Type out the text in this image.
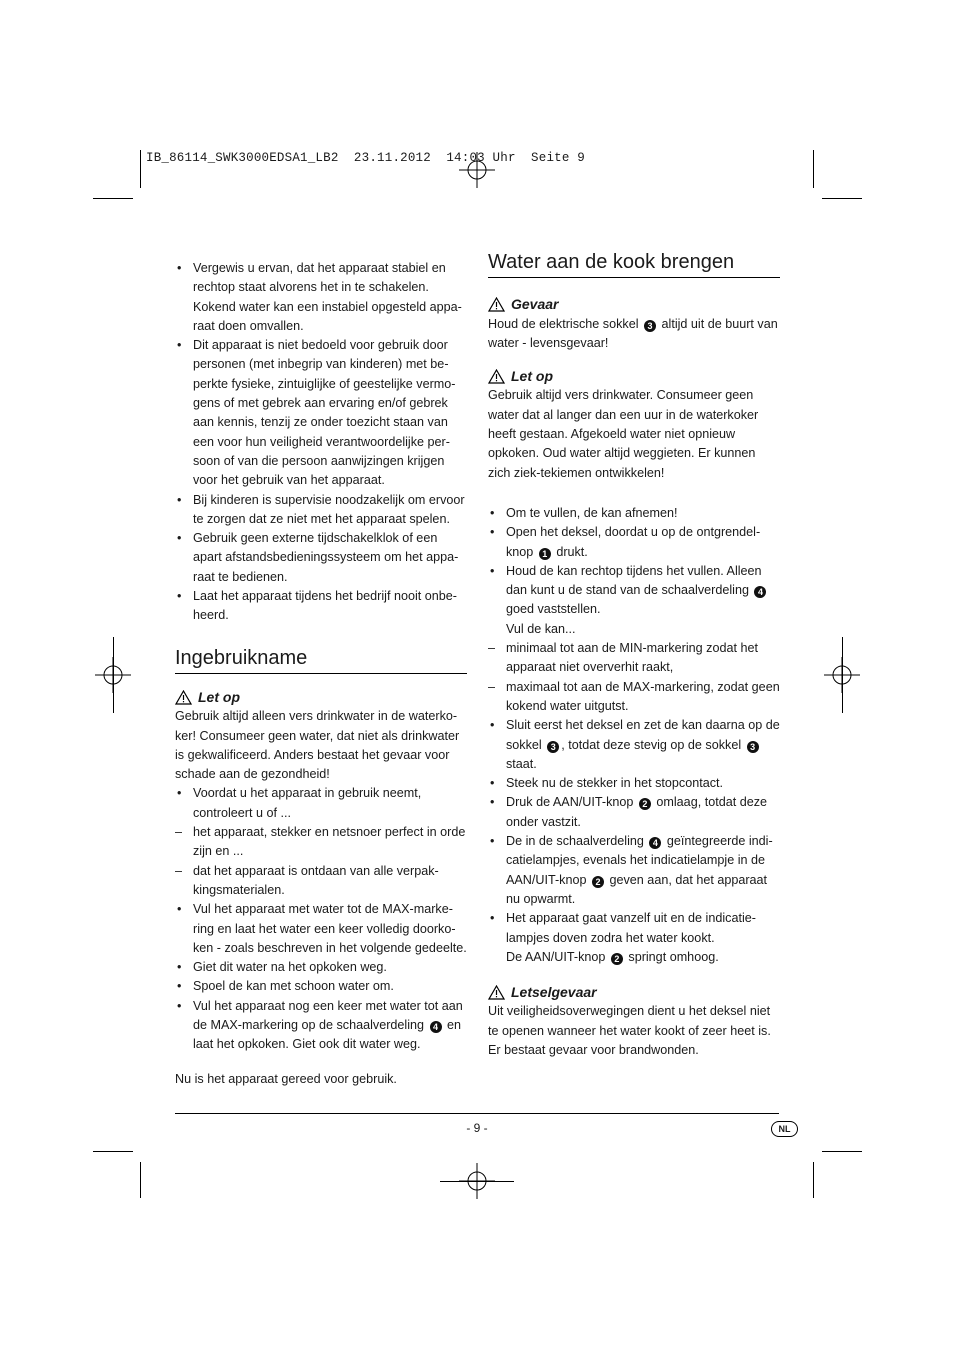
IB_86114_SWK3000EDSA1_LB2  23.11.2012  14:03 Uhr  Seite 9
• Vergewis u ervan, dat het apparaat stabiel en rechtop staat alvorens het in te schakelen. Kokend water kan een instabiel opgesteld appa-raat doen omvallen.
• Dit apparaat is niet bedoeld voor gebruik door personen (met inbegrip van kinderen) met be-perkte fysieke, zintuiglijke of geestelijke vermo-gens of met gebrek aan ervaring en/of gebrek aan kennis, tenzij ze onder toezicht staan van een voor hun veiligheid verantwoordelijke per-soon of van die persoon aanwijzingen krijgen voor het gebruik van het apparaat.
• Bij kinderen is supervisie noodzakelijk om ervoor te zorgen dat ze niet met het apparaat spelen.
• Gebruik geen externe tijdschakelklok of een apart afstandsbedieningssysteem om het appa-raat te bedienen.
• Laat het apparaat tijdens het bedrijf nooit onbe-heerd.
Ingebruikname
Let op

Gebruik altijd alleen vers drinkwater in de waterko-ker! Consumeer geen water, dat niet als drinkwater is gekwalificeerd. Anders bestaat het gevaar voor schade aan de gezondheid!

• Voordat u het apparaat in gebruik neemt, controleert u of ...
– het apparaat, stekker en netsnoer perfect in orde zijn en ...
– dat het apparaat is ontdaan van alle verpak-kingsmaterialen.
• Vul het apparaat met water tot de MAX-marke-ring en laat het water een keer volledig doorko-ken - zoals beschreven in het volgende gedeelte.
• Giet dit water na het opkoken weg.
• Spoel de kan met schoon water om.
• Vul het apparaat nog een keer met water tot aan de MAX-markering op de schaalverdeling 4 en laat het opkoken. Giet ook dit water weg.

Nu is het apparaat gereed voor gebruik.

Water aan de kook brengen
Gevaar

Houd de elektrische sokkel 3 altijd uit de buurt van water - levensgevaar!

Let op

Gebruik altijd vers drinkwater. Consumeer geen water dat al langer dan een uur in de waterkoker heeft gestaan. Afgekoeld water niet opnieuw opkoken. Oud water altijd weggieten. Er kunnen zich ziek-tekiemen ontwikkelen!

• Om te vullen, de kan afnemen!
• Open het deksel, doordat u op de ontgrendel-knop 1 drukt.
• Houd de kan rechtop tijdens het vullen. Alleen dan kunt u de stand van de schaalverdeling 4 goed vaststellen.
Vul de kan...
– minimaal tot aan de MIN-markering zodat het apparaat niet oververhit raakt,
– maximaal tot aan de MAX-markering, zodat geen kokend water uitgutst.
• Sluit eerst het deksel en zet de kan daarna op de sokkel 3 , totdat deze stevig op de sokkel 3 staat.
• Steek nu de stekker in het stopcontact.
• Druk de AAN/UIT-knop 2 omlaag, totdat deze onder vastzit.
• De in de schaalverdeling 4 geïntegreerde indi-catielampjes, evenals het indicatielampje in de AAN/UIT-knop 2 geven aan, dat het apparaat nu opwarmt.
• Het apparaat gaat vanzelf uit en de indicatie-lampjes doven zodra het water kookt.
De AAN/UIT-knop 2 springt omhoog.
Letselgevaar

Uit veiligheidsoverwegingen dient u het deksel niet te openen wanneer het water kookt of zeer heet is. Er bestaat gevaar voor brandwonden.

- 9 -	NL
